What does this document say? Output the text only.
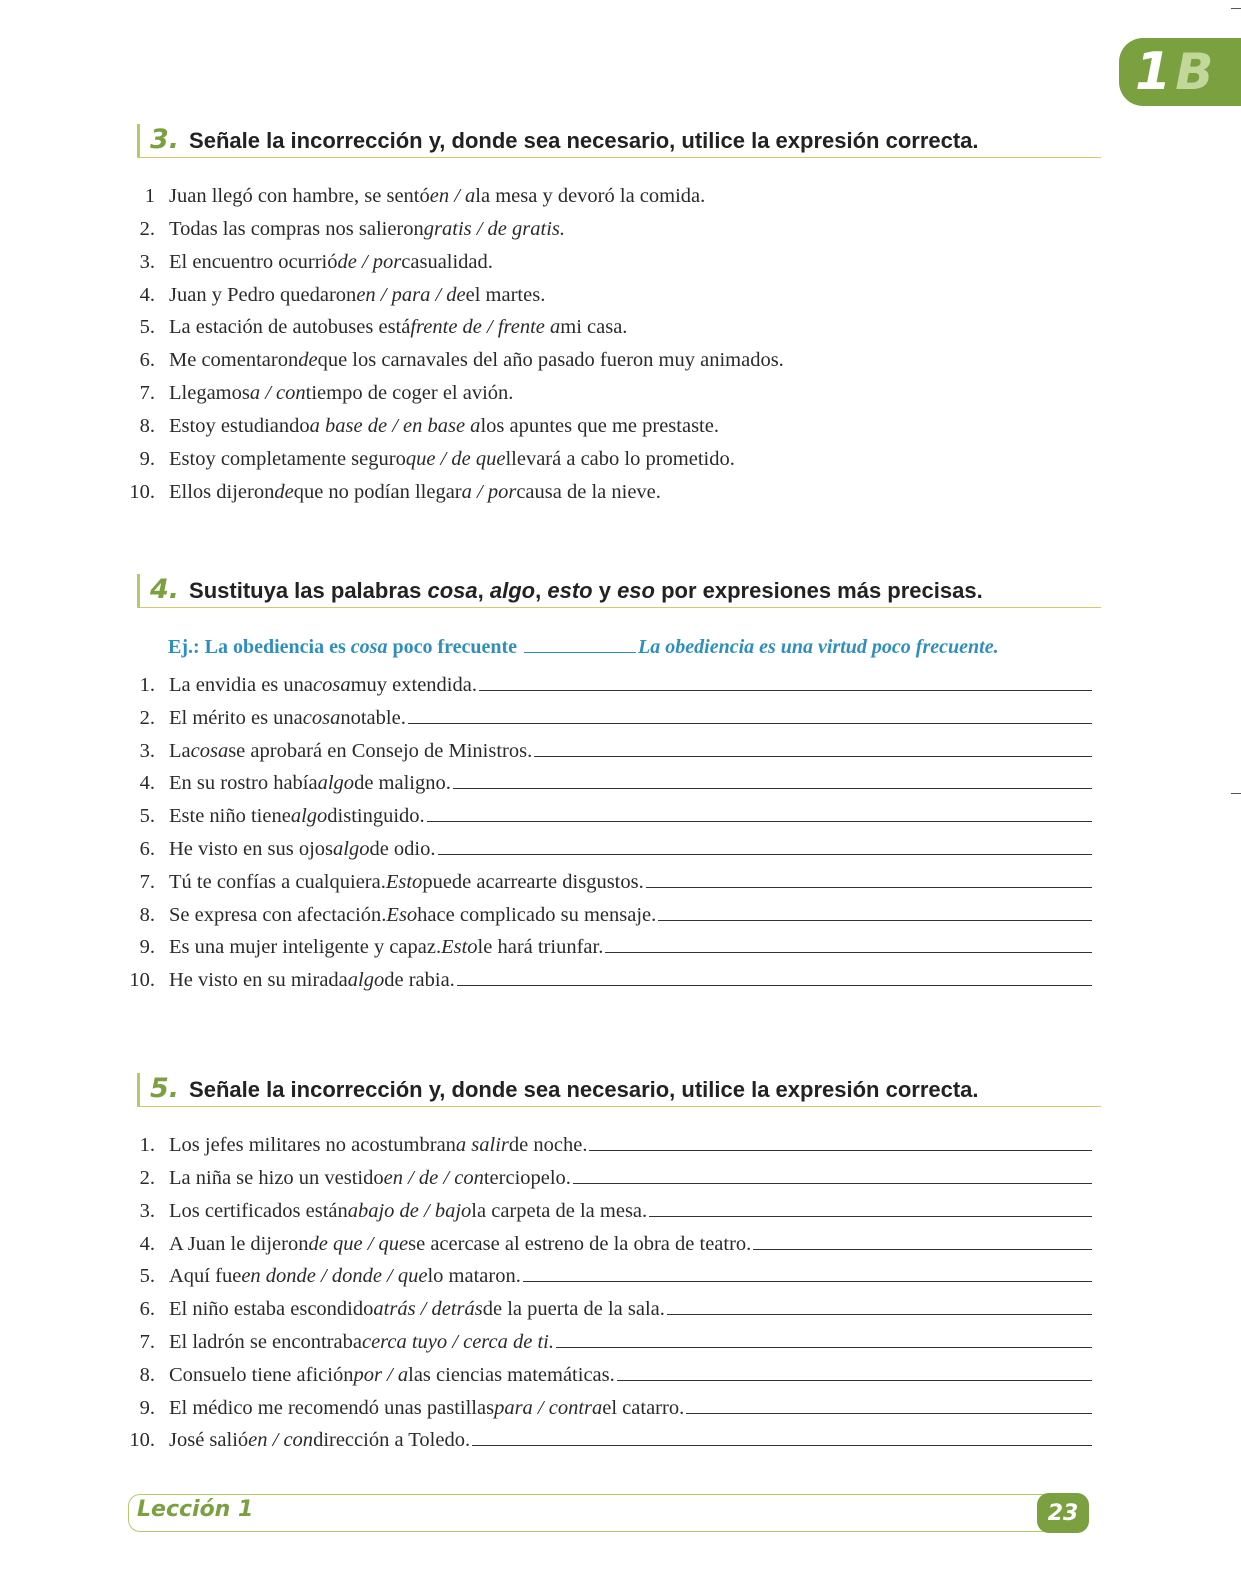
1 B
3. Señale la incorrección y, donde sea necesario, utilice la expresión correcta.
1 Juan llegó con hambre, se sentó en / a la mesa y devoró la comida.
2. Todas las compras nos salieron gratis / de gratis.
3. El encuentro ocurrió de / por casualidad.
4. Juan y Pedro quedaron en / para / de el martes.
5. La estación de autobuses está frente de / frente a mi casa.
6. Me comentaron de que los carnavales del año pasado fueron muy animados.
7. Llegamos a / con tiempo de coger el avión.
8. Estoy estudiando a base de / en base a los apuntes que me prestaste.
9. Estoy completamente seguro que / de que llevará a cabo lo prometido.
10. Ellos dijeron de que no podían llegar a / por causa de la nieve.
4. Sustituya las palabras cosa, algo, esto y eso por expresiones más precisas.
Ej.: La obediencia es cosa poco frecuente	La obediencia es una virtud poco frecuente.
1. La envidia es una cosa muy extendida.
2. El mérito es una cosa notable.
3. La cosa se aprobará en Consejo de Ministros.
4. En su rostro había algo de maligno.
5. Este niño tiene algo distinguido.
6. He visto en sus ojos algo de odio.
7. Tú te confías a cualquiera. Esto puede acarrearte disgustos.
8. Se expresa con afectación. Eso hace complicado su mensaje.
9. Es una mujer inteligente y capaz. Esto le hará triunfar.
10. He visto en su mirada algo de rabia.
5. Señale la incorrección y, donde sea necesario, utilice la expresión correcta.
1. Los jefes militares no acostumbran a salir de noche.
2. La niña se hizo un vestido en / de / con terciopelo.
3. Los certificados están abajo de / bajo la carpeta de la mesa.
4. A Juan le dijeron de que / que se acercase al estreno de la obra de teatro.
5. Aquí fue en donde / donde / que lo mataron.
6. El niño estaba escondido atrás / detrás de la puerta de la sala.
7. El ladrón se encontraba cerca tuyo / cerca de ti.
8. Consuelo tiene afición por / a las ciencias matemáticas.
9. El médico me recomendó unas pastillas para / contra el catarro.
10. José salió en / con dirección a Toledo.
Lección 1	23
